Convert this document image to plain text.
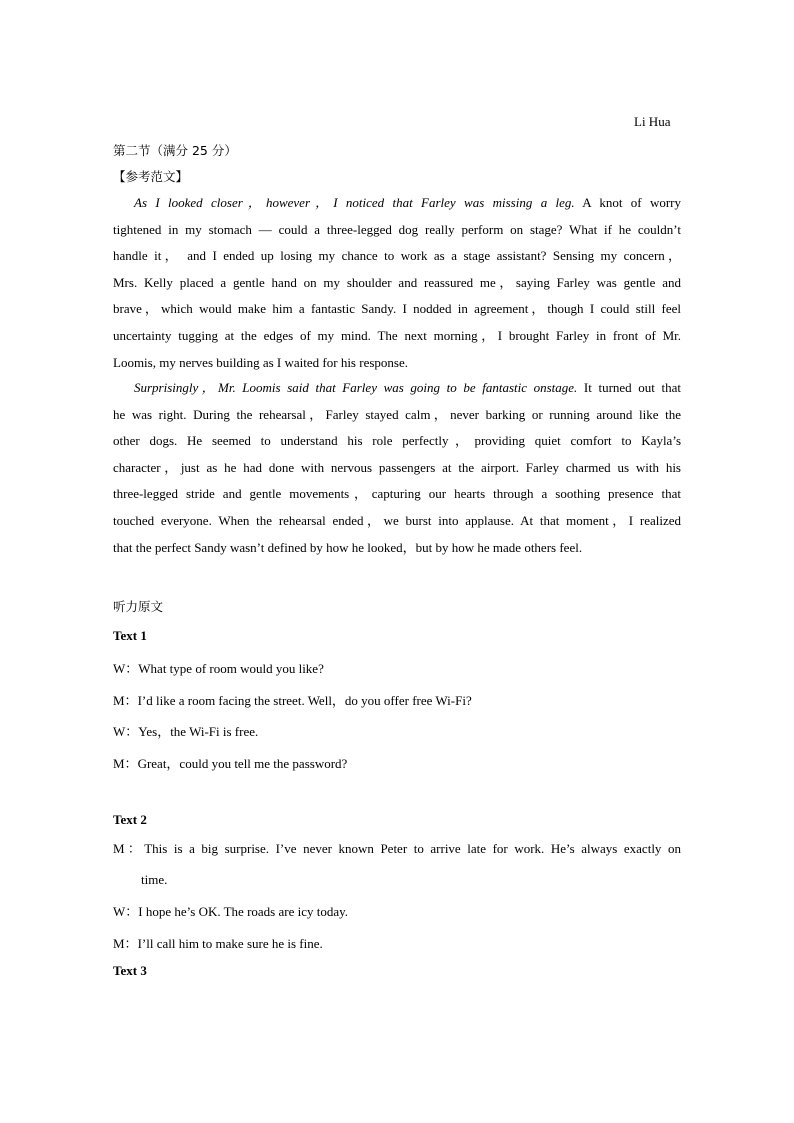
Li Hua
第二节（满分 25 分）
【参考范文】
As I looked closer，however，I noticed that Farley was missing a leg. A knot of worry
tightened in my stomach — could a three-legged dog really perform on stage? What if he couldn’t
handle it， and I ended up losing my chance to work as a stage assistant? Sensing my concern，
Mrs. Kelly placed a gentle hand on my shoulder and reassured me，saying Farley was gentle and
brave，which would make him a fantastic Sandy. I nodded in agreement，though I could still feel
uncertainty tugging at the edges of my mind. The next morning，I brought Farley in front of Mr.
Loomis, my nerves building as I waited for his response.
Surprisingly，Mr. Loomis said that Farley was going to be fantastic onstage. It turned out that
he was right. During the rehearsal，Farley stayed calm，never barking or running around like the
other dogs. He seemed to understand his role perfectly，providing quiet comfort to Kayla’s
character，just as he had done with nervous passengers at the airport. Farley charmed us with his
three-legged stride and gentle movements，capturing our hearts through a soothing presence that
touched everyone. When the rehearsal ended，we burst into applause. At that moment，I realized
that the perfect Sandy wasn’t defined by how he looked，but by how he made others feel.
听力原文
Text 1
W：What type of room would you like?
M：I’d like a room facing the street. Well，do you offer free Wi-Fi?
W：Yes，the Wi-Fi is free.
M：Great，could you tell me the password?
Text 2
M：This is a big surprise. I’ve never known Peter to arrive late for work. He’s always exactly on
time.
W：I hope he’s OK. The roads are icy today.
M：I’ll call him to make sure he is fine.
Text 3
